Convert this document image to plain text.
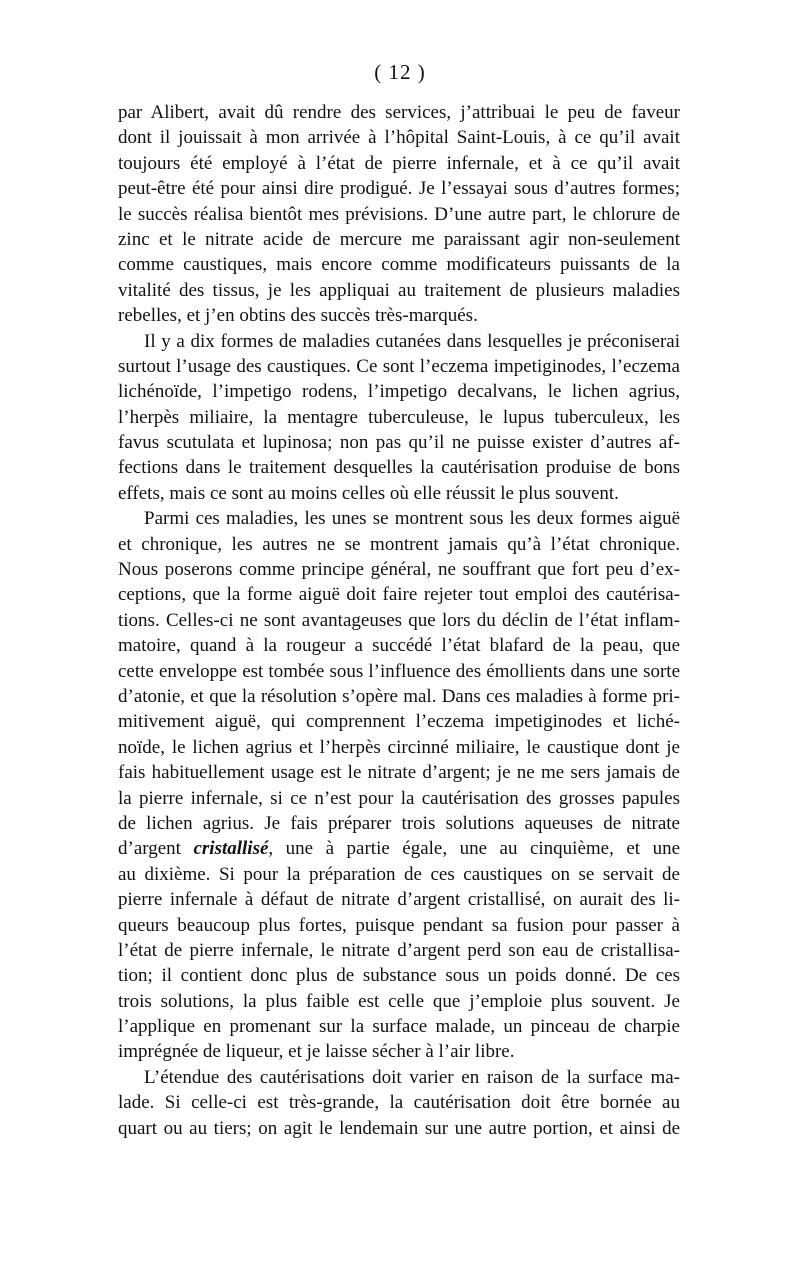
( 12 )
par Alibert, avait dû rendre des services, j’attribuai le peu de faveur
dont il jouissait à mon arrivée à l’hôpital Saint-Louis, à ce qu’il avait
toujours été employé à l’état de pierre infernale, et à ce qu’il avait
peut-être été pour ainsi dire prodigué. Je l’essayai sous d’autres formes;
le succès réalisa bientôt mes prévisions. D’une autre part, le chlorure de
zinc et le nitrate acide de mercure me paraissant agir non-seulement
comme caustiques, mais encore comme modificateurs puissants de la
vitalité des tissus, je les appliquai au traitement de plusieurs maladies
rebelles, et j’en obtins des succès très-marqués.
Il y a dix formes de maladies cutanées dans lesquelles je préconiserai
surtout l’usage des caustiques. Ce sont l’eczema impetiginodes, l’eczema
lichénoïde, l’impetigo rodens, l’impetigo decalvans, le lichen agrius,
l’herpès miliaire, la mentagre tuberculeuse, le lupus tuberculeux, les
favus scutulata et lupinosa; non pas qu’il ne puisse exister d’autres af-
fections dans le traitement desquelles la cautérisation produise de bons
effets, mais ce sont au moins celles où elle réussit le plus souvent.
Parmi ces maladies, les unes se montrent sous les deux formes aiguë
et chronique, les autres ne se montrent jamais qu’à l’état chronique.
Nous poserons comme principe général, ne souffrant que fort peu d’ex-
ceptions, que la forme aiguë doit faire rejeter tout emploi des cautérisa-
tions. Celles-ci ne sont avantageuses que lors du déclin de l’état inflam-
matoire, quand à la rougeur a succédé l’état blafard de la peau, que
cette enveloppe est tombée sous l’influence des émollients dans une sorte
d’atonie, et que la résolution s’opère mal. Dans ces maladies à forme pri-
mitivement aiguë, qui comprennent l’eczema impetiginodes et liché-
noïde, le lichen agrius et l’herpès circinné miliaire, le caustique dont je
fais habituellement usage est le nitrate d’argent; je ne me sers jamais de
la pierre infernale, si ce n’est pour la cautérisation des grosses papules
de lichen agrius. Je fais préparer trois solutions aqueuses de nitrate
d’argent cristallisé, une à partie égale, une au cinquième, et une
au dixième. Si pour la préparation de ces caustiques on se servait de
pierre infernale à défaut de nitrate d’argent cristallisé, on aurait des li-
queurs beaucoup plus fortes, puisque pendant sa fusion pour passer à
l’état de pierre infernale, le nitrate d’argent perd son eau de cristallisa-
tion; il contient donc plus de substance sous un poids donné. De ces
trois solutions, la plus faible est celle que j’emploie plus souvent. Je
l’applique en promenant sur la surface malade, un pinceau de charpie
imprégnée de liqueur, et je laisse sécher à l’air libre.
L’étendue des cautérisations doit varier en raison de la surface ma-
lade. Si celle-ci est très-grande, la cautérisation doit être bornée au
quart ou au tiers; on agit le lendemain sur une autre portion, et ainsi de
